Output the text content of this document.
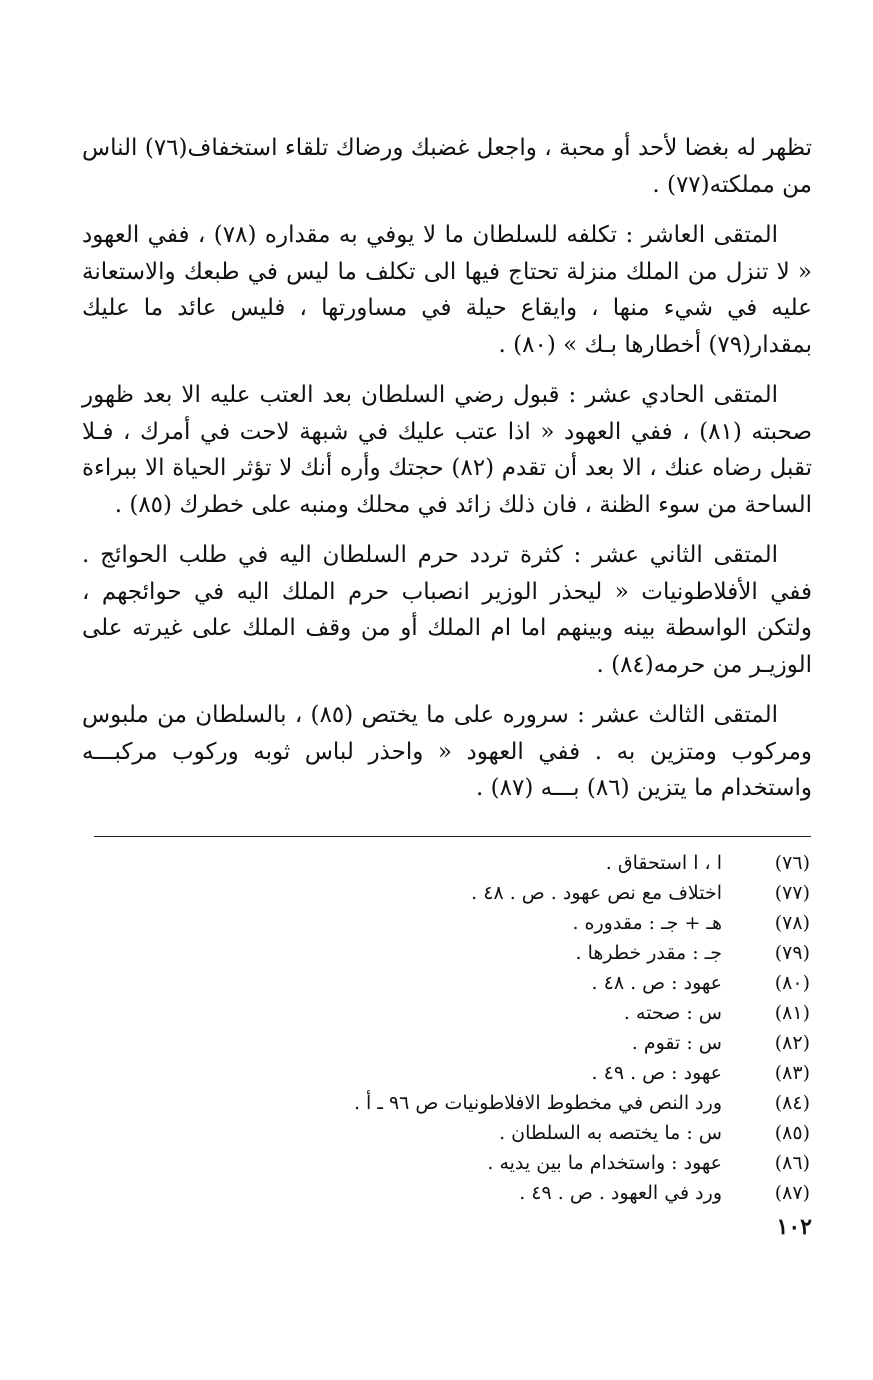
تظهر له بغضا لأحد أو محبة ، واجعل غضبك ورضاك تلقاء استخفاف(٧٦) الناس من مملكته(٧٧) .

المتقى العاشر : تكلفه للسلطان ما لا يوفي به مقداره (٧٨) ، ففي العهود « لا تنزل من الملك منزلة تحتاج فيها الى تكلف ما ليس في طبعك والاستعانة عليه في شيء منها ، وايقاع حيلة في مساورتها ، فليس عائد ما عليك بمقدار(٧٩) أخطارها بـك » (٨٠) .

المتقى الحادي عشر : قبول رضي السلطان بعد العتب عليه الا بعد ظهور صحبته (٨١) ، ففي العهود « اذا عتب عليك في شبهة لاحت في أمرك ، فـلا تقبل رضاه عنك ، الا بعد أن تقدم (٨٢) حجتك وأره أنك لا تؤثر الحياة الا ببراءة الساحة من سوء الظنة ، فان ذلك زائد في محلك ومنبه على خطرك (٨٥) .

المتقى الثاني عشر : كثرة تردد حرم السلطان اليه في طلب الحوائج . ففي الأفلاطونيات « ليحذر الوزير انصباب حرم الملك اليه في حوائجهم ، ولتكن الواسطة بينه وبينهم اما ام الملك أو من وقف الملك على غيرته على الوزيـر من حرمه(٨٤) .

المتقى الثالث عشر : سروره على ما يختص (٨٥) ، بالسلطان من ملبوس ومركوب ومتزين به . ففي العهود « واحذر لباس ثوبه وركوب مركبـــه واستخدام ما يتزين (٨٦) بـــه (٨٧) .

(٧٦)
ا ، ا استحقاق .
(٧٧)
اختلاف مع نص عهود . ص . ٤٨ .
(٧٨)
هـ + جـ : مقدوره .
(٧٩)
جـ : مقدر خطرها .
(٨٠)
عهود : ص . ٤٨ .
(٨١)
س : صحته .
(٨٢)
س : تقوم .
(٨٣)
عهود : ص . ٤٩ .
(٨٤)
ورد النص في مخطوط الافلاطونيات ص ٩٦ ـ أ .
(٨٥)
س : ما يختصه به السلطان .
(٨٦)
عهود : واستخدام ما بين يديه .
(٨٧)
ورد في العهود . ص . ٤٩ .
١٠٢
